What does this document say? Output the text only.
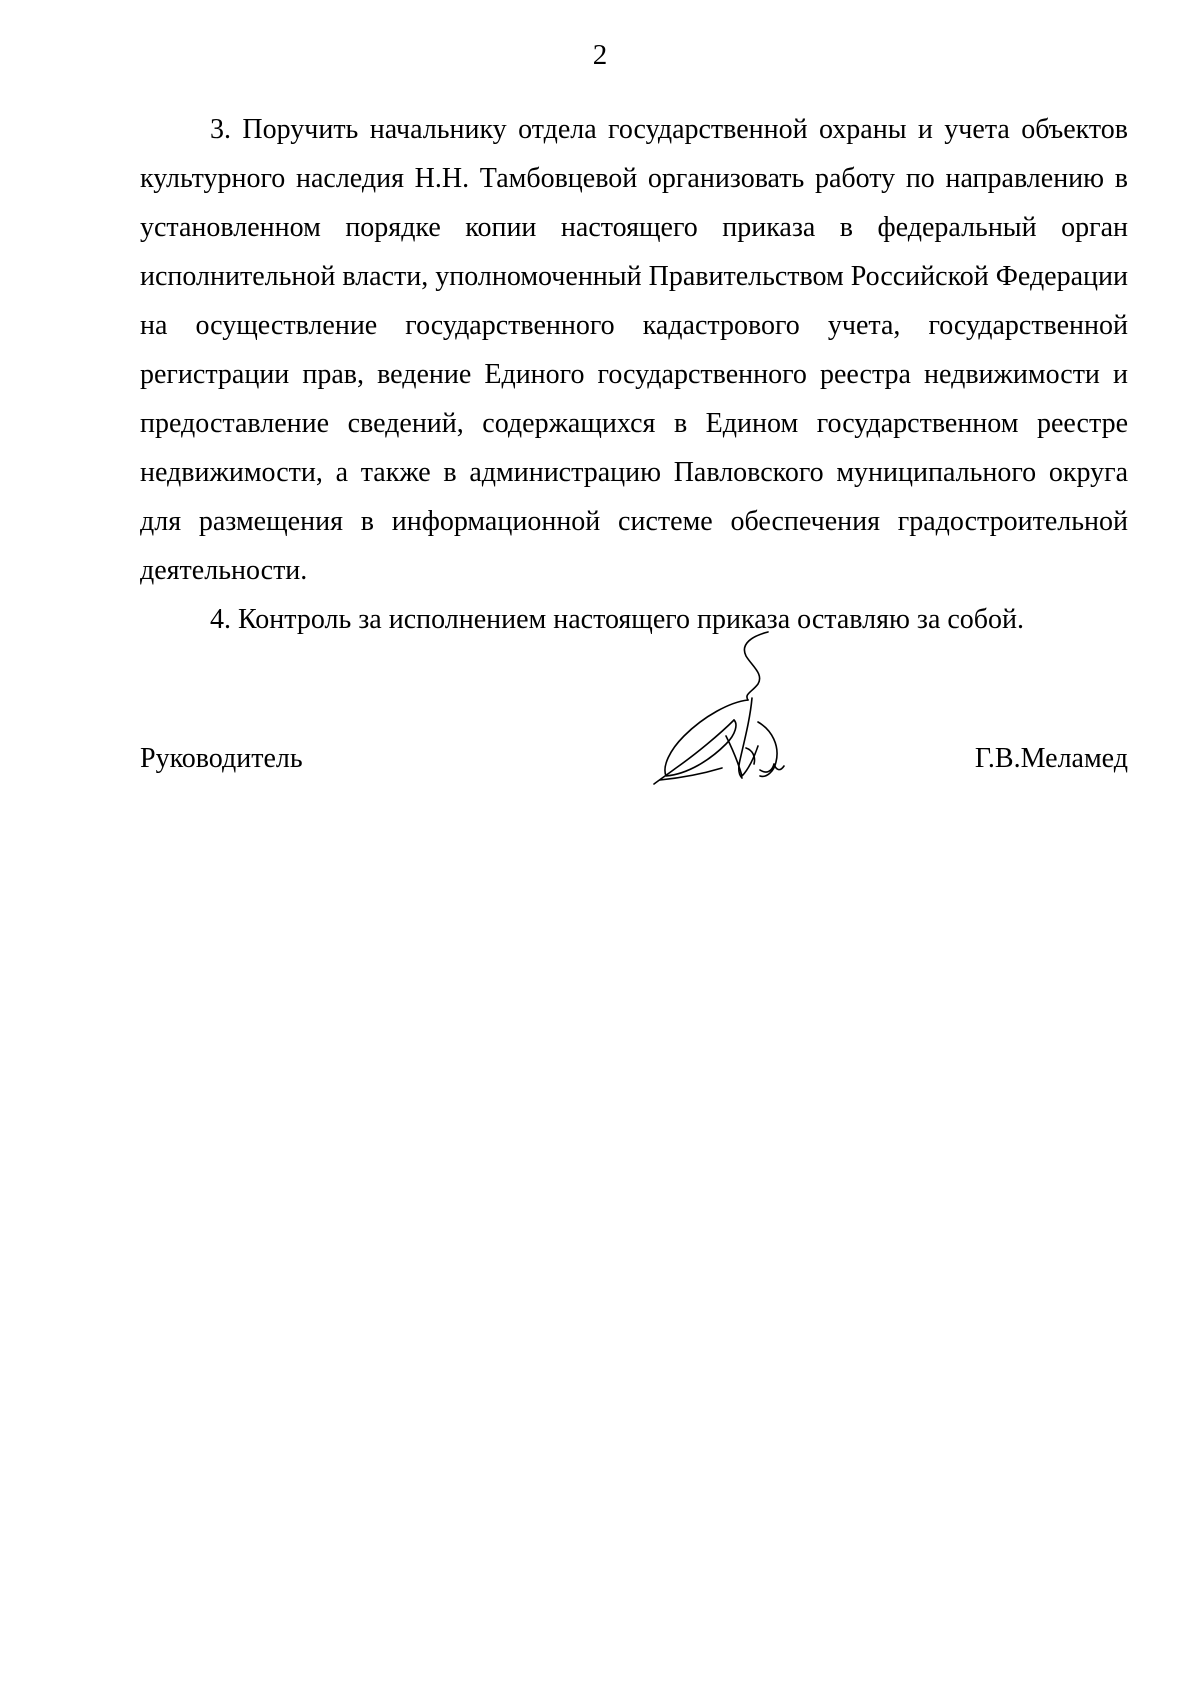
2

3. Поручить начальнику отдела государственной охраны и учета объектов культурного наследия Н.Н. Тамбовцевой организовать работу по направлению в установленном порядке копии настоящего приказа в федеральный орган исполнительной власти, уполномоченный Правительством Российской Федерации на осуществление государственного кадастрового учета, государственной регистрации прав, ведение Единого государственного реестра недвижимости и предоставление сведений, содержащихся в Едином государственном реестре недвижимости, а также в администрацию Павловского муниципального округа для размещения в информационной системе обеспечения градостроительной деятельности.

4. Контроль за исполнением настоящего приказа оставляю за собой.

Руководитель	Г.В.Меламед
